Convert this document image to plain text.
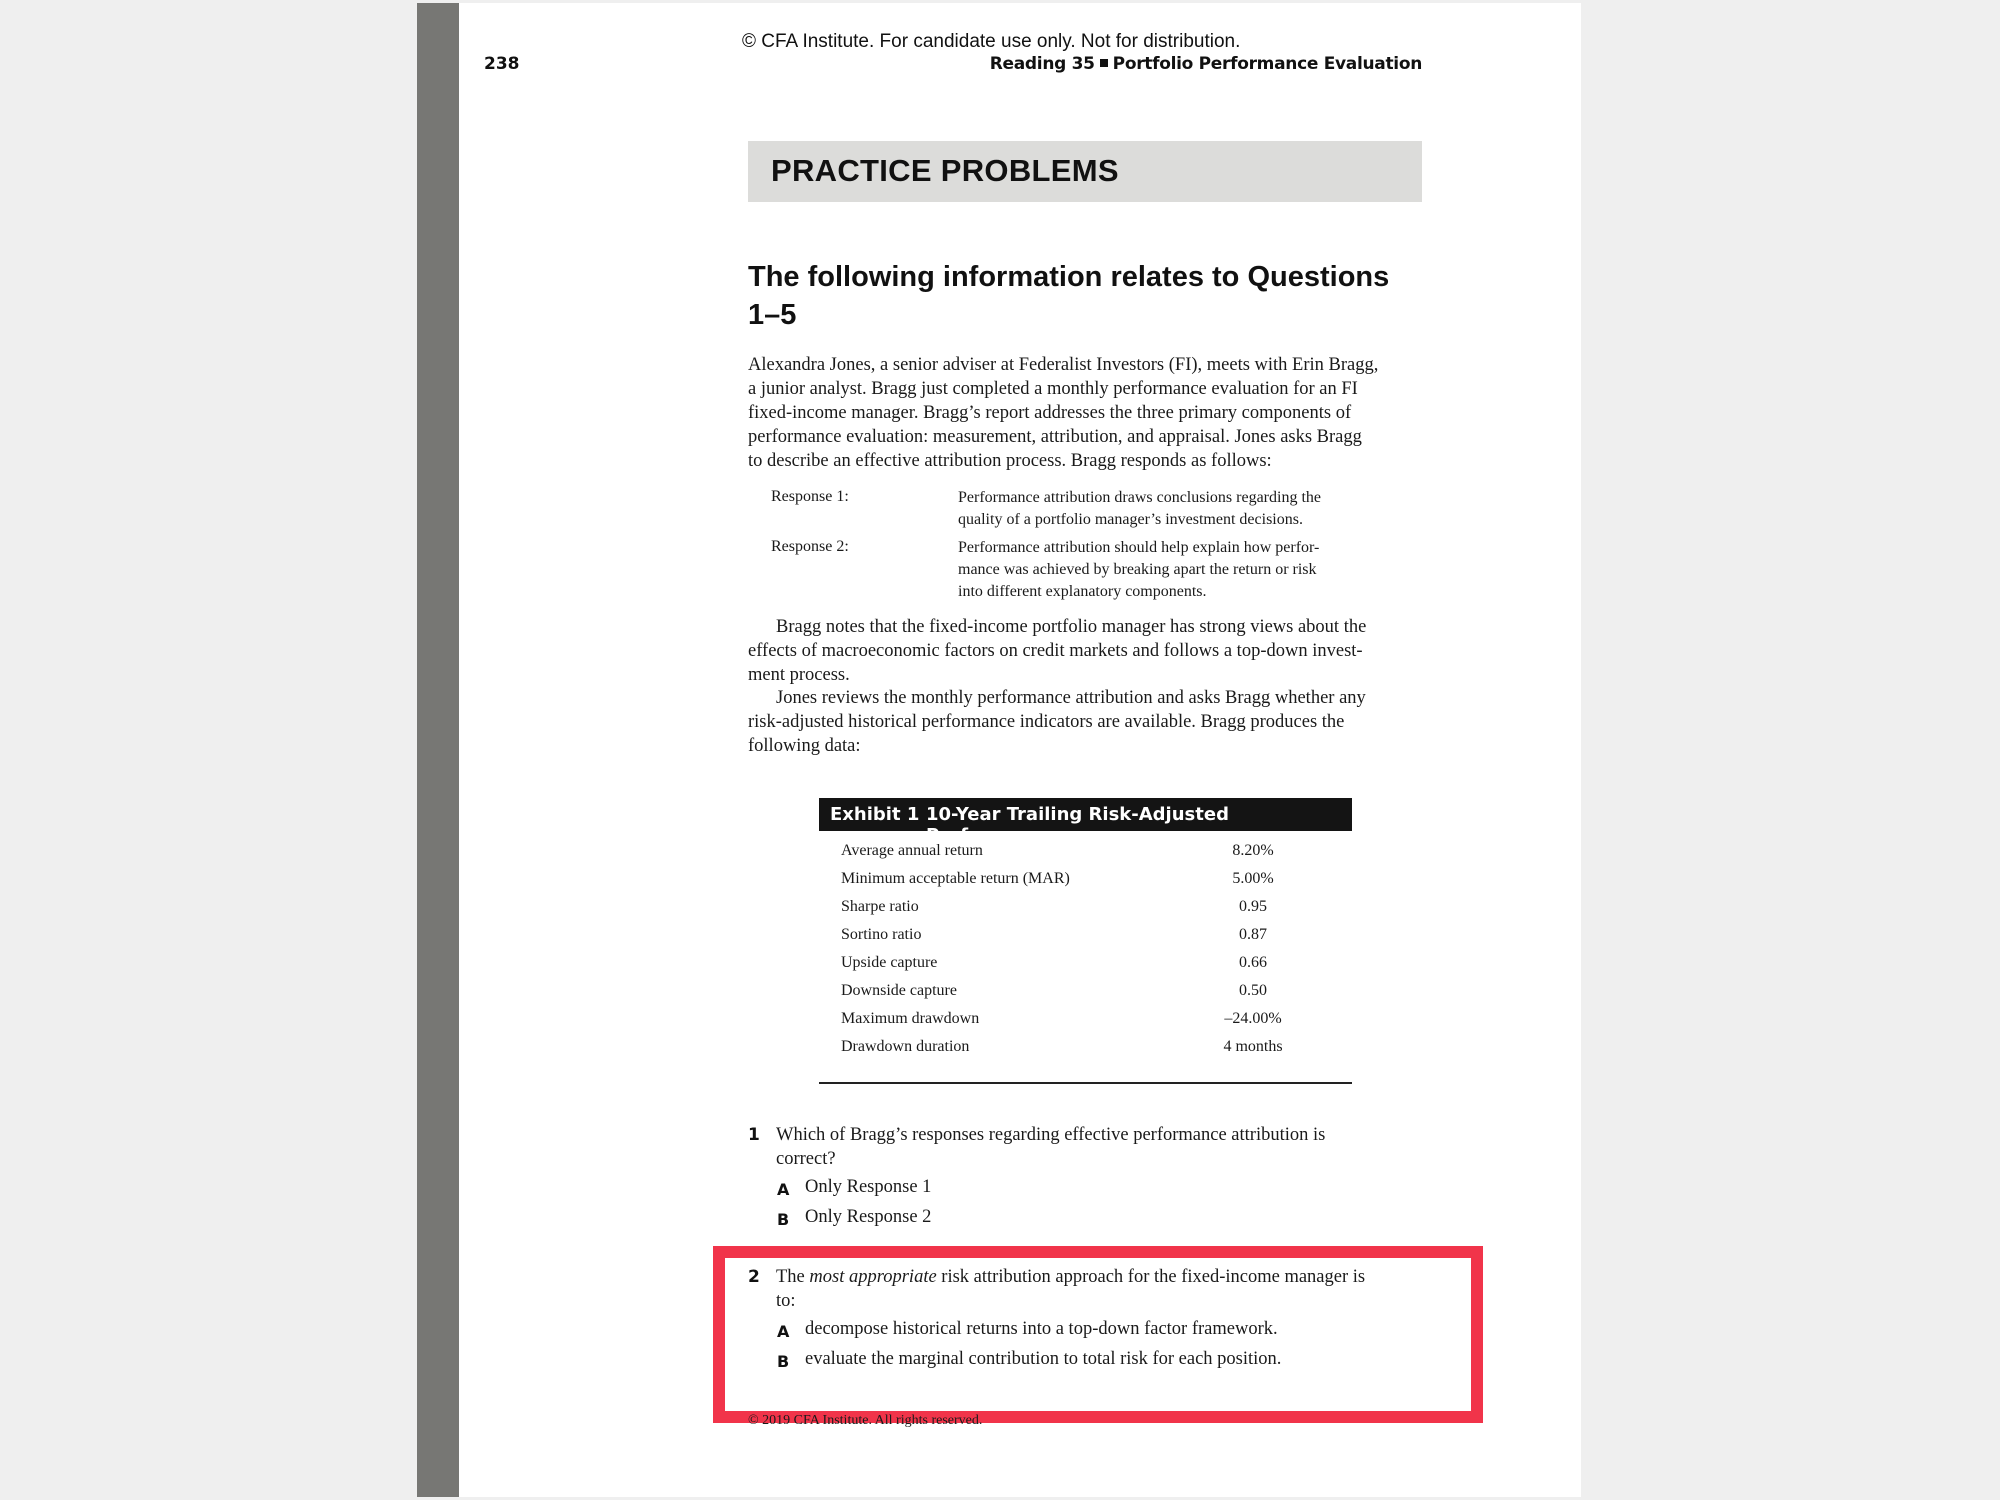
© CFA Institute. For candidate use only. Not for distribution.
238	Reading 35 Portfolio Performance Evaluation
PRACTICE PROBLEMS
The following information relates to Questions 1–5
Alexandra Jones, a senior adviser at Federalist Investors (FI), meets with Erin Bragg,
a junior analyst. Bragg just completed a monthly performance evaluation for an FI
fixed-income manager. Bragg’s report addresses the three primary components of
performance evaluation: measurement, attribution, and appraisal. Jones asks Bragg
to describe an effective attribution process. Bragg responds as follows:
Response 1:	Performance attribution draws conclusions regarding the
quality of a portfolio manager’s investment decisions.
Response 2:	Performance attribution should help explain how perfor-
mance was achieved by breaking apart the return or risk
into different explanatory components.
Bragg notes that the fixed-income portfolio manager has strong views about the
effects of macroeconomic factors on credit markets and follows a top-down invest-
ment process.
Jones reviews the monthly performance attribution and asks Bragg whether any
risk-adjusted historical performance indicators are available. Bragg produces the
following data:
Exhibit 1 10-Year Trailing Risk-Adjusted Performance
Average annual return	8.20%
Minimum acceptable return (MAR)	5.00%
Sharpe ratio	0.95
Sortino ratio	0.87
Upside capture	0.66
Downside capture	0.50
Maximum drawdown	–24.00%
Drawdown duration	4 months
1 Which of Bragg’s responses regarding effective performance attribution is
correct?
A Only Response 1
B Only Response 2
2 The most appropriate risk attribution approach for the fixed-income manager is
to:
A decompose historical returns into a top-down factor framework.
B evaluate the marginal contribution to total risk for each position.
© 2019 CFA Institute. All rights reserved.
